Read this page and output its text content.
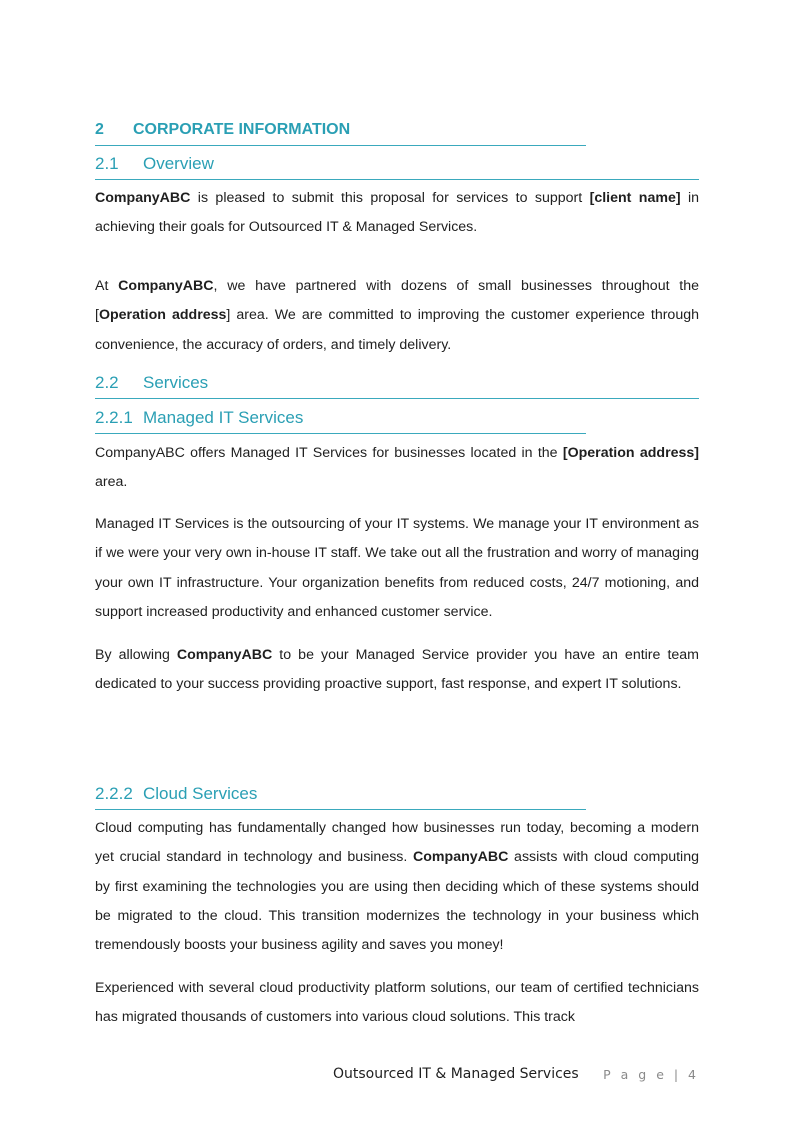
2 CORPORATE INFORMATION
2.1 Overview
CompanyABC is pleased to submit this proposal for services to support [client name] in achieving their goals for Outsourced IT & Managed Services.
At CompanyABC, we have partnered with dozens of small businesses throughout the [Operation address] area. We are committed to improving the customer experience through convenience, the accuracy of orders, and timely delivery.
2.2 Services
2.2.1 Managed IT Services
CompanyABC offers Managed IT Services for businesses located in the [Operation address] area.
Managed IT Services is the outsourcing of your IT systems. We manage your IT environment as if we were your very own in-house IT staff. We take out all the frustration and worry of managing your own IT infrastructure. Your organization benefits from reduced costs, 24/7 motioning, and support increased productivity and enhanced customer service.
By allowing CompanyABC to be your Managed Service provider you have an entire team dedicated to your success providing proactive support, fast response, and expert IT solutions.
2.2.2 Cloud Services
Cloud computing has fundamentally changed how businesses run today, becoming a modern yet crucial standard in technology and business. CompanyABC assists with cloud computing by first examining the technologies you are using then deciding which of these systems should be migrated to the cloud. This transition modernizes the technology in your business which tremendously boosts your business agility and saves you money!
Experienced with several cloud productivity platform solutions, our team of certified technicians has migrated thousands of customers into various cloud solutions. This track
Outsourced IT & Managed Services P a g e | 4
